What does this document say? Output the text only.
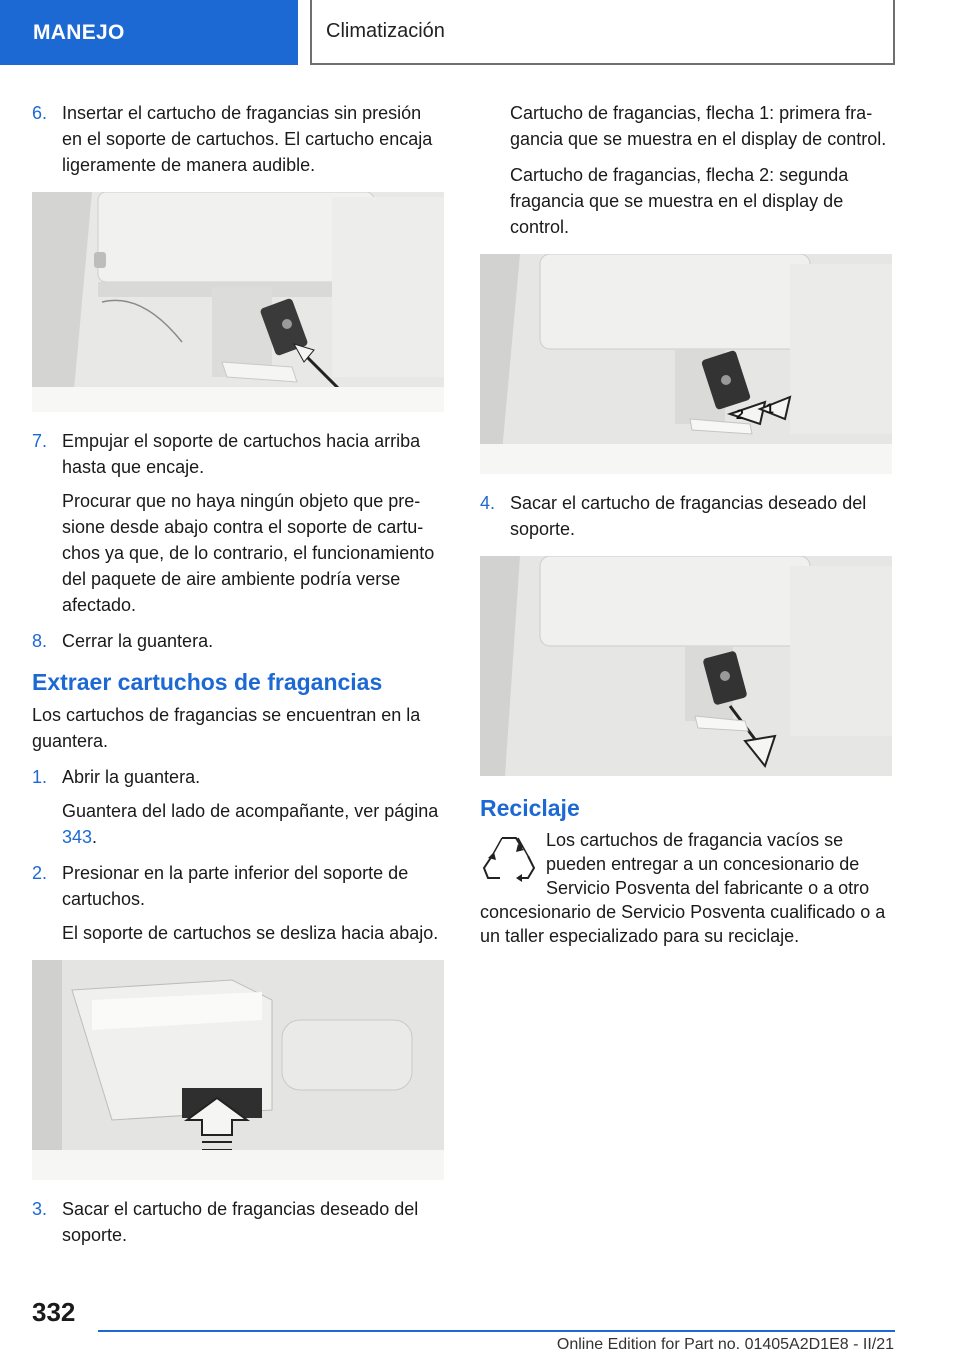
MANEJO	Climatización
6. Insertar el cartucho de fragancias sin presión en el soporte de cartuchos. El cartucho encaja ligeramente de manera audible.

7. Empujar el soporte de cartuchos hacia arriba hasta que encaje.

Procurar que no haya ningún objeto que presione desde abajo contra el soporte de cartuchos ya que, de lo contrario, el funcionamiento del paquete de aire ambiente podría verse afectado.

8. Cerrar la guantera.

Extraer cartuchos de fragancias

Los cartuchos de fragancias se encuentran en la guantera.

1. Abrir la guantera.

Guantera del lado de acompañante, ver página 343.

2. Presionar en la parte inferior del soporte de cartuchos.

El soporte de cartuchos se desliza hacia abajo.

3. Sacar el cartucho de fragancias deseado del soporte.

Cartucho de fragancias, flecha 1: primera fragancia que se muestra en el display de control.

Cartucho de fragancias, flecha 2: segunda fragancia que se muestra en el display de control.

2 1
4. Sacar el cartucho de fragancias deseado del soporte.

Reciclaje

Los cartuchos de fragancia vacíos se pueden entregar a un concesionario de Servicio Posventa del fabricante o a otro

concesionario de Servicio Posventa cualificado o a un taller especializado para su reciclaje.

332
Online Edition for Part no. 01405A2D1E8 - II/21
